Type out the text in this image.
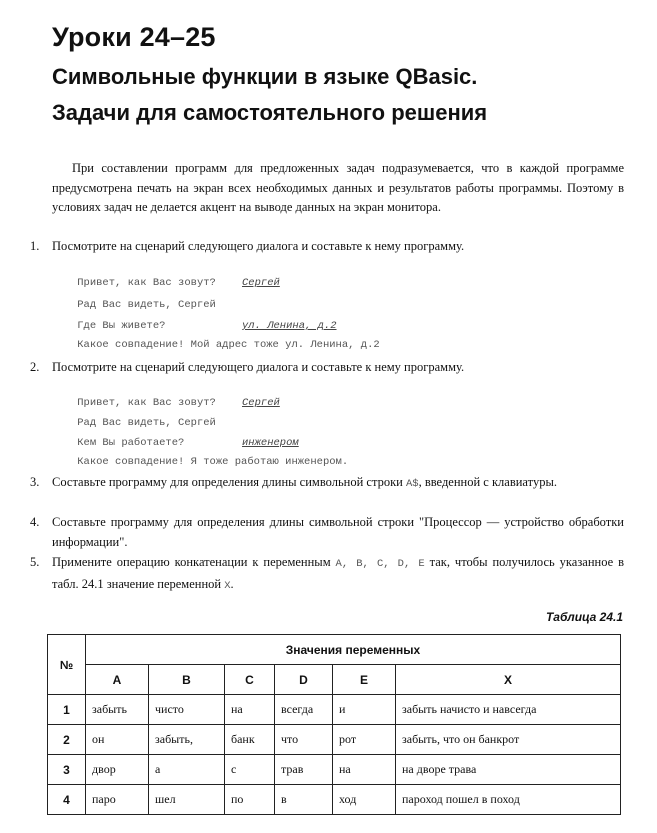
Уроки 24–25
Символьные функции в языке QBasic.
Задачи для самостоятельного решения

При составлении программ для предложенных задач подразумевается, что в каждой программе предусмотрена печать на экран всех необходимых данных и результатов работы программы. Поэтому в условиях задач не делается акцент на выводе данных на экран монитора.

1.	Посмотрите на сценарий следующего диалога и составьте к нему программу.

Привет, как Вас зовут? Сергей

Рад Вас видеть, Сергей

Где Вы живете?	ул. Ленина, д.2

Какое совпадение! Мой адрес тоже ул. Ленина, д.2

2.	Посмотрите на сценарий следующего диалога и составьте к нему программу.

Привет, как Вас зовут? Сергей

Рад Вас видеть, Сергей

Кем Вы работаете?	инженером

Какое совпадение! Я тоже работаю инженером.

3.	Составьте программу для определения длины символьной строки A$, введенной с клавиатуры.
4.	Составьте программу для определения длины символьной строки "Процессор — устройство обработки информации".
5.	Примените операцию конкатенации к переменным A, B, C, D, E так, чтобы получилось указанное в табл. 24.1 значение переменной X.
Таблица 24.1
№	Значения переменных					
	A	B	C	D	E	X
1	забыть	чисто	на	всегда	и	забыть начисто и навсегда
2	он	забыть,	банк	что	рот	забыть, что он банкрот
3	двор	а	с	трав	на	на дворе трава
4	паро	шел	по	в	ход	пароход пошел в поход
